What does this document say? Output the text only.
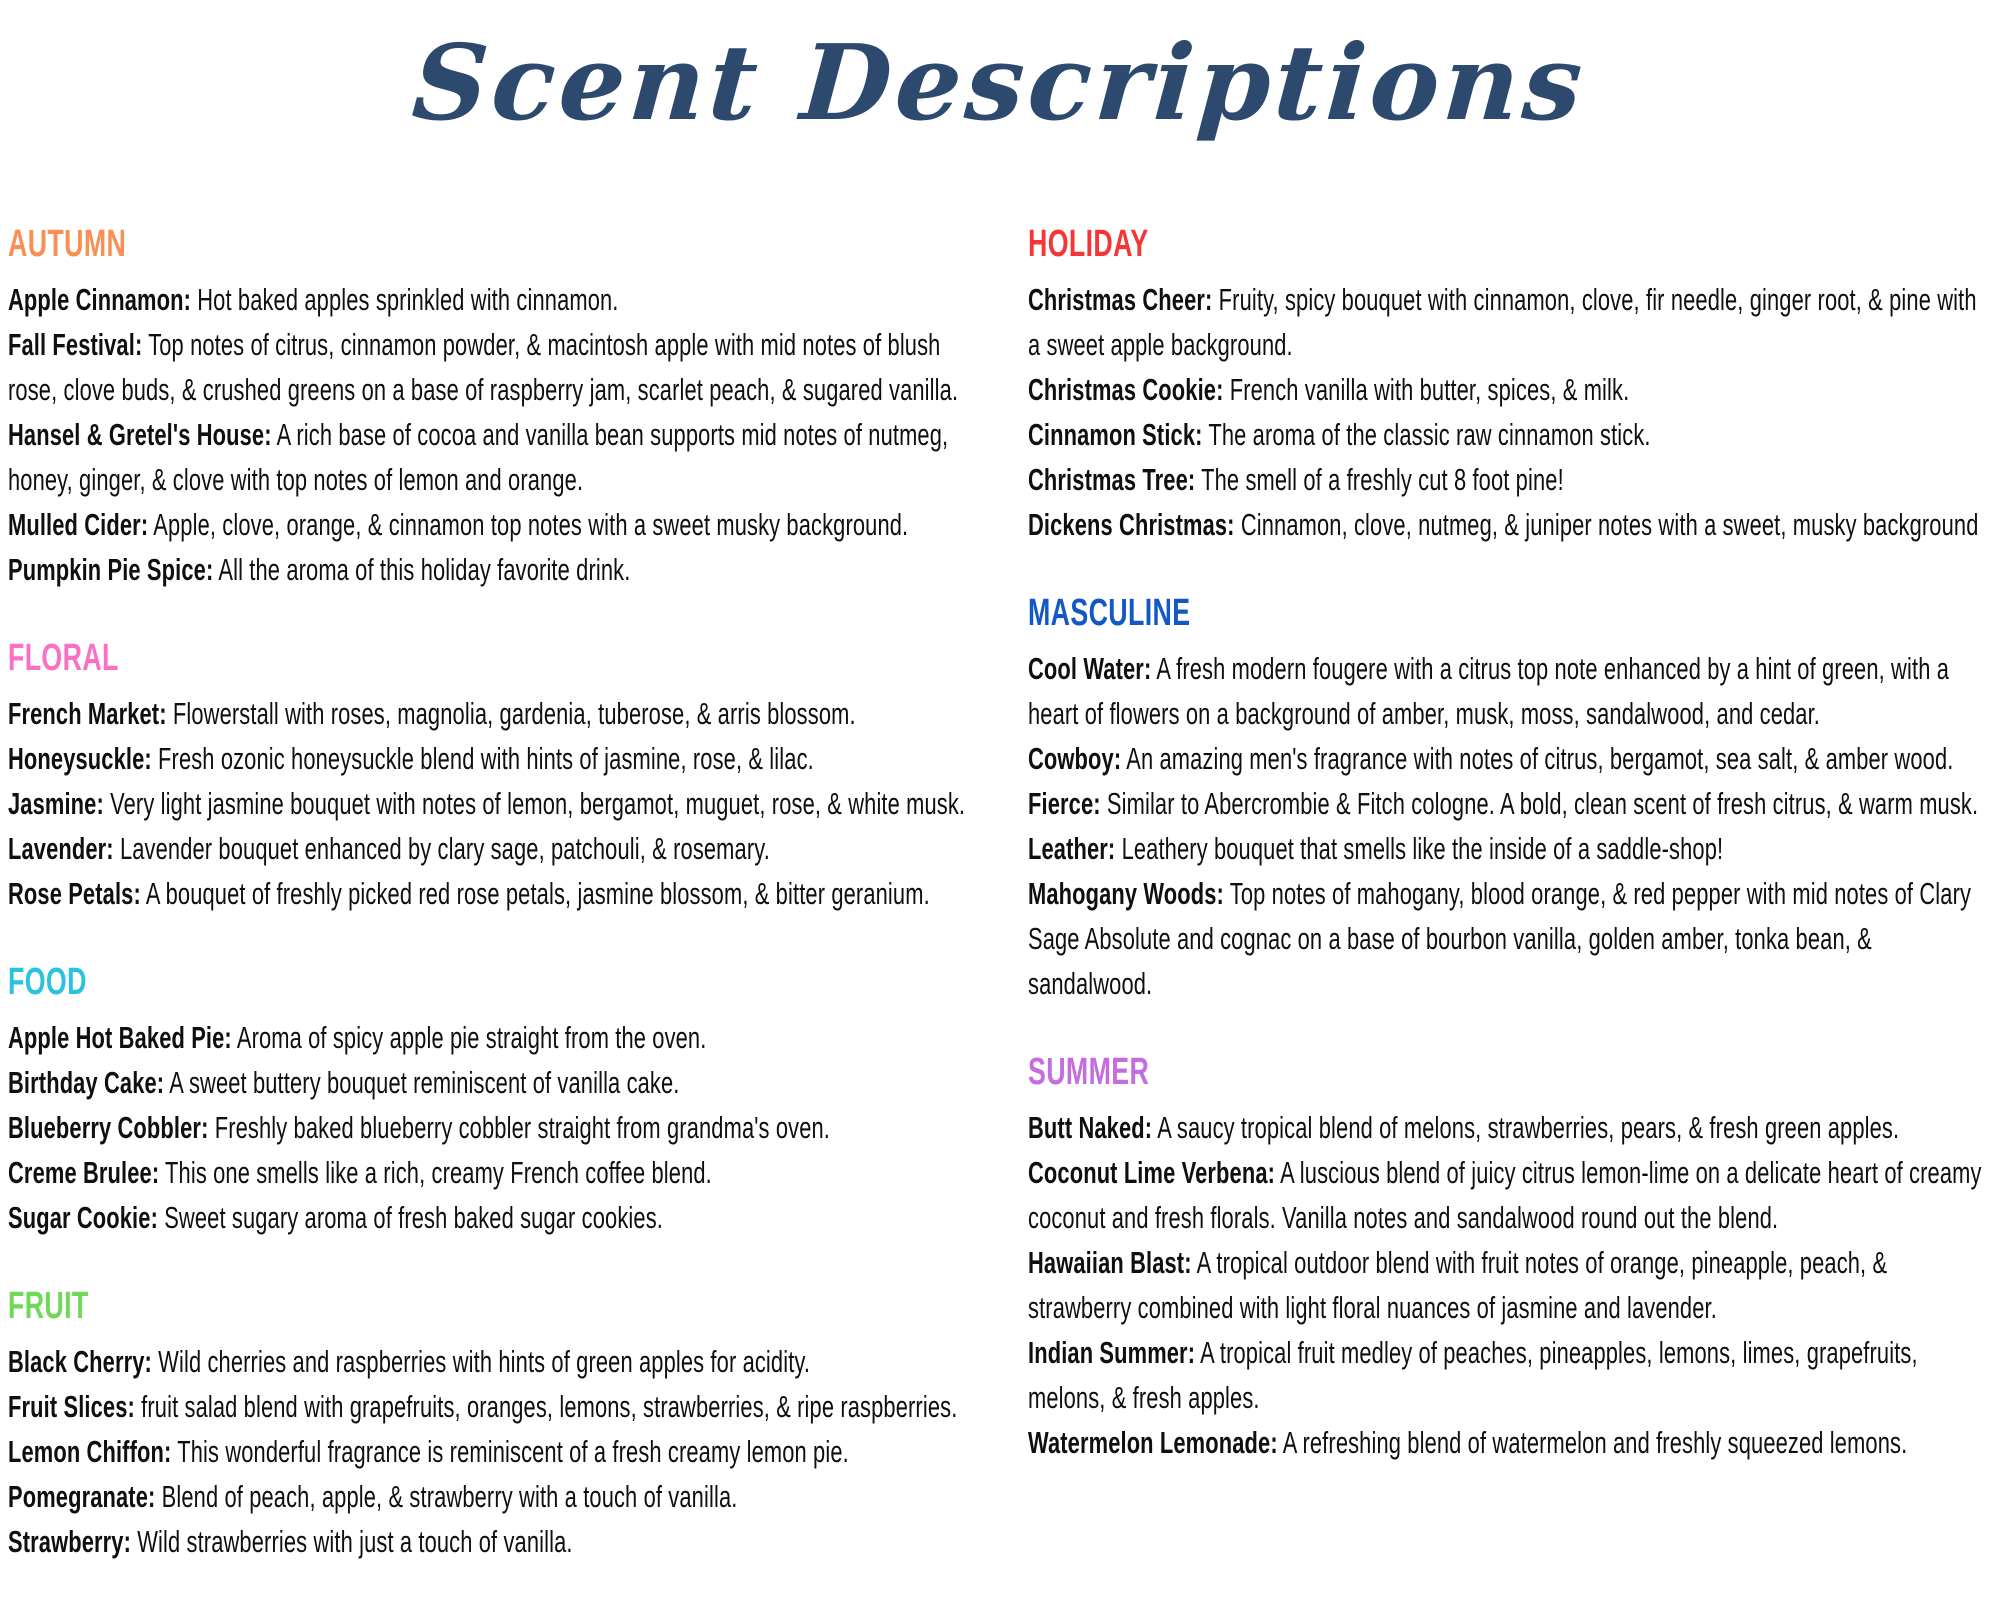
Scent Descriptions
AUTUMN

Apple Cinnamon: Hot baked apples sprinkled with cinnamon.

Fall Festival: Top notes of citrus, cinnamon powder, & macintosh apple with mid notes of blush rose, clove buds, & crushed greens on a base of raspberry jam, scarlet peach, & sugared vanilla.

Hansel & Gretel's House: A rich base of cocoa and vanilla bean supports mid notes of nutmeg, honey, ginger, & clove with top notes of lemon and orange.

Mulled Cider: Apple, clove, orange, & cinnamon top notes with a sweet musky background.

Pumpkin Pie Spice: All the aroma of this holiday favorite drink.

FLORAL

French Market: Flowerstall with roses, magnolia, gardenia, tuberose, & arris blossom.

Honeysuckle: Fresh ozonic honeysuckle blend with hints of jasmine, rose, & lilac.

Jasmine: Very light jasmine bouquet with notes of lemon, bergamot, muguet, rose, & white musk.

Lavender: Lavender bouquet enhanced by clary sage, patchouli, & rosemary.

Rose Petals: A bouquet of freshly picked red rose petals, jasmine blossom, & bitter geranium.

FOOD

Apple Hot Baked Pie: Aroma of spicy apple pie straight from the oven.

Birthday Cake: A sweet buttery bouquet reminiscent of vanilla cake.

Blueberry Cobbler: Freshly baked blueberry cobbler straight from grandma's oven.

Creme Brulee: This one smells like a rich, creamy French coffee blend.

Sugar Cookie: Sweet sugary aroma of fresh baked sugar cookies.

FRUIT

Black Cherry: Wild cherries and raspberries with hints of green apples for acidity.

Fruit Slices: fruit salad blend with grapefruits, oranges, lemons, strawberries, & ripe raspberries.

Lemon Chiffon: This wonderful fragrance is reminiscent of a fresh creamy lemon pie.

Pomegranate: Blend of peach, apple, & strawberry with a touch of vanilla.

Strawberry: Wild strawberries with just a touch of vanilla.

HOLIDAY

Christmas Cheer: Fruity, spicy bouquet with cinnamon, clove, fir needle, ginger root, & pine with a sweet apple background.

Christmas Cookie: French vanilla with butter, spices, & milk.

Cinnamon Stick: The aroma of the classic raw cinnamon stick.

Christmas Tree: The smell of a freshly cut 8 foot pine!

Dickens Christmas: Cinnamon, clove, nutmeg, & juniper notes with a sweet, musky background

MASCULINE

Cool Water: A fresh modern fougere with a citrus top note enhanced by a hint of green, with a heart of flowers on a background of amber, musk, moss, sandalwood, and cedar.

Cowboy: An amazing men's fragrance with notes of citrus, bergamot, sea salt, & amber wood.

Fierce: Similar to Abercrombie & Fitch cologne. A bold, clean scent of fresh citrus, & warm musk.

Leather: Leathery bouquet that smells like the inside of a saddle-shop!

Mahogany Woods: Top notes of mahogany, blood orange, & red pepper with mid notes of Clary Sage Absolute and cognac on a base of bourbon vanilla, golden amber, tonka bean, & sandalwood.

SUMMER

Butt Naked: A saucy tropical blend of melons, strawberries, pears, & fresh green apples.

Coconut Lime Verbena: A luscious blend of juicy citrus lemon-lime on a delicate heart of creamy coconut and fresh florals. Vanilla notes and sandalwood round out the blend.

Hawaiian Blast: A tropical outdoor blend with fruit notes of orange, pineapple, peach, & strawberry combined with light floral nuances of jasmine and lavender.

Indian Summer: A tropical fruit medley of peaches, pineapples, lemons, limes, grapefruits, melons, & fresh apples.

Watermelon Lemonade: A refreshing blend of watermelon and freshly squeezed lemons.
